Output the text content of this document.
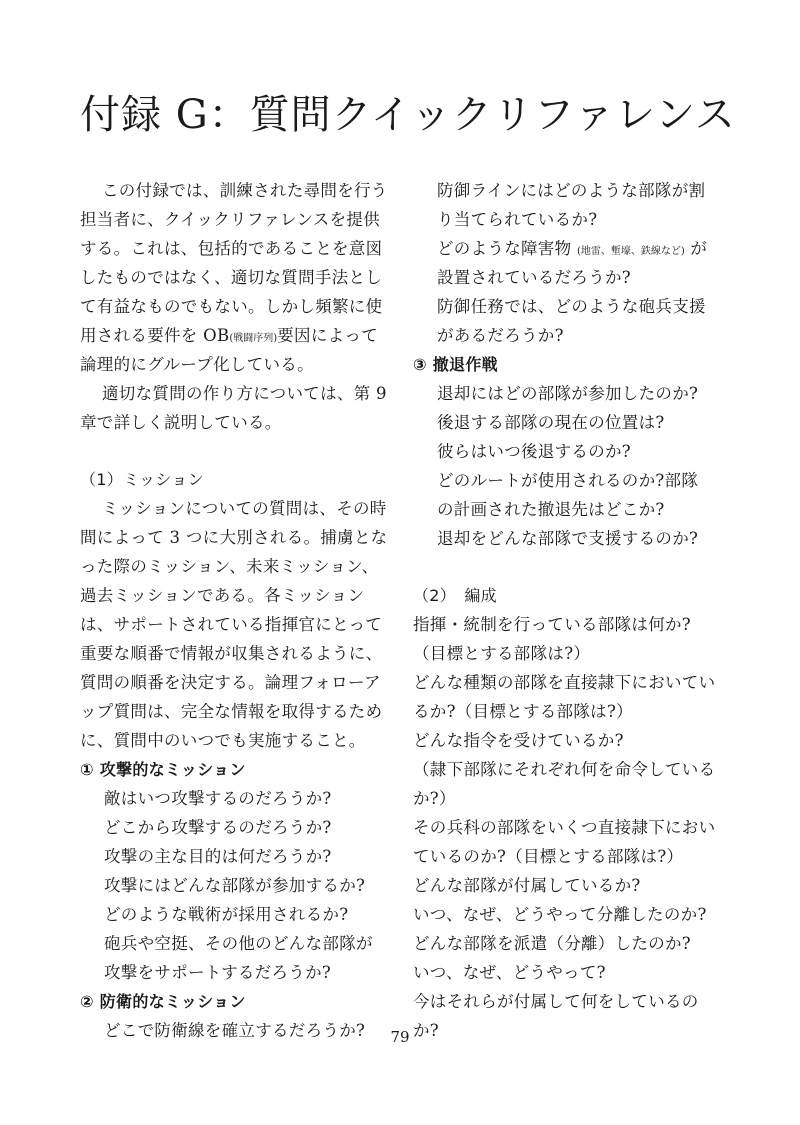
付録 G：質問クイックリファレンス
この付録では、訓練された尋問を行う
担当者に、クイックリファレンスを提供
する。これは、包括的であることを意図
したものではなく、適切な質問手法とし
て有益なものでもない。しかし頻繁に使
用される要件を OB(戦闘序列)要因によって
論理的にグループ化している。
適切な質問の作り方については、第 9
章で詳しく説明している。
（1）ミッション
ミッションについての質問は、その時
間によって 3 つに大別される。捕虜とな
った際のミッション、未来ミッション、
過去ミッションである。各ミッション
は、サポートされている指揮官にとって
重要な順番で情報が収集されるように、
質問の順番を決定する。論理フォローア
ップ質問は、完全な情報を取得するため
に、質問中のいつでも実施すること。
① 攻撃的なミッション
敵はいつ攻撃するのだろうか?
どこから攻撃するのだろうか?
攻撃の主な目的は何だろうか?
攻撃にはどんな部隊が参加するか?
どのような戦術が採用されるか?
砲兵や空挺、その他のどんな部隊が
攻撃をサポートするだろうか?
② 防衛的なミッション
どこで防衛線を確立するだろうか?
防御ラインにはどのような部隊が割
り当てられているか?
どのような障害物 (地雷、塹壕、鉄線など) が
設置されているだろうか?
防御任務では、どのような砲兵支援
があるだろうか?
③ 撤退作戦
退却にはどの部隊が参加したのか?
後退する部隊の現在の位置は?
彼らはいつ後退するのか?
どのルートが使用されるのか?部隊
の計画された撤退先はどこか?
退却をどんな部隊で支援するのか?
（2）　編成
指揮・統制を行っている部隊は何か?
（目標とする部隊は?）
どんな種類の部隊を直接隷下においてい
るか?（目標とする部隊は?）
どんな指令を受けているか?
（隷下部隊にそれぞれ何を命令している
か?）
その兵科の部隊をいくつ直接隷下におい
ているのか?（目標とする部隊は?）
どんな部隊が付属しているか?
いつ、なぜ、どうやって分離したのか?
どんな部隊を派遣（分離）したのか?
いつ、なぜ、どうやって?
今はそれらが付属して何をしているの
か?
79
